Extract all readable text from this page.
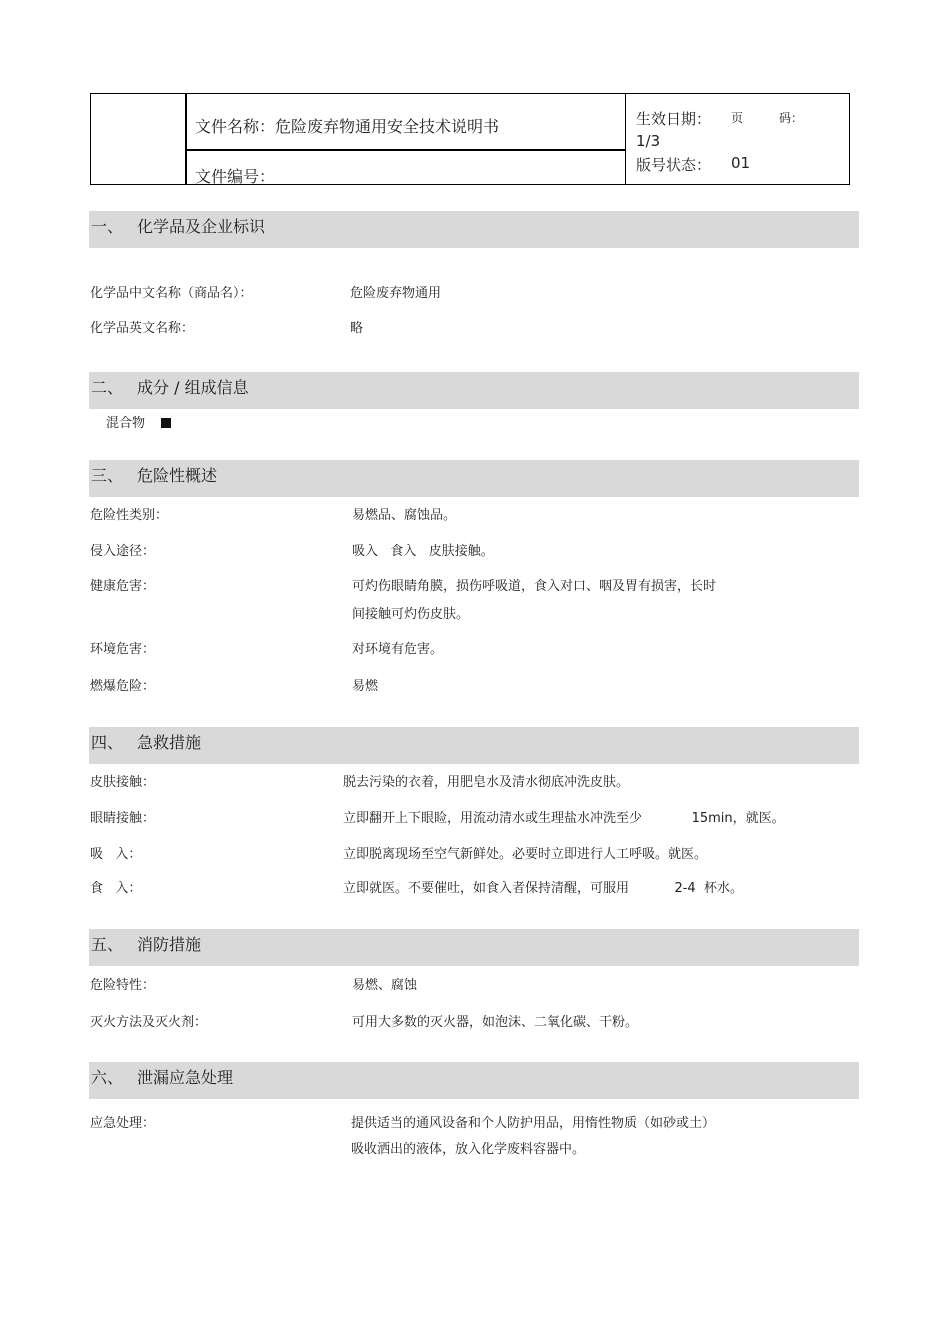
文件名称：危险废弃物通用安全技术说明书
文件编号：
生效日期： 页	码：
1/3
版号状态： 01
一、 化学品及企业标识
化学品中文名称（商品名）：	危险废弃物通用
化学品英文名称：	略
二、 成分 / 组成信息
混合物
三、 危险性概述
危险性类别：	易燃品、腐蚀品。
侵入途径：	吸入   食入   皮肤接触。
健康危害：	可灼伤眼睛角膜，损伤呼吸道，食入对口、咽及胃有损害，长时
间接触可灼伤皮肤。
环境危害：	对环境有危害。
燃爆危险：	易燃
四、 急救措施
皮肤接触：	脱去污染的衣着，用肥皂水及清水彻底冲洗皮肤。
眼睛接触：	立即翻开上下眼睑，用流动清水或生理盐水冲洗至少            15min，就医。
吸   入：	立即脱离现场至空气新鲜处。必要时立即进行人工呼吸。就医。
食   入：	立即就医。不要催吐，如食入者保持清醒，可服用           2-4  杯水。
五、 消防措施
危险特性：	易燃、腐蚀
灭火方法及灭火剂：	可用大多数的灭火器，如泡沫、二氧化碳、干粉。
六、 泄漏应急处理
应急处理：	提供适当的通风设备和个人防护用品，用惰性物质（如砂或土）
吸收洒出的液体，放入化学废料容器中。
